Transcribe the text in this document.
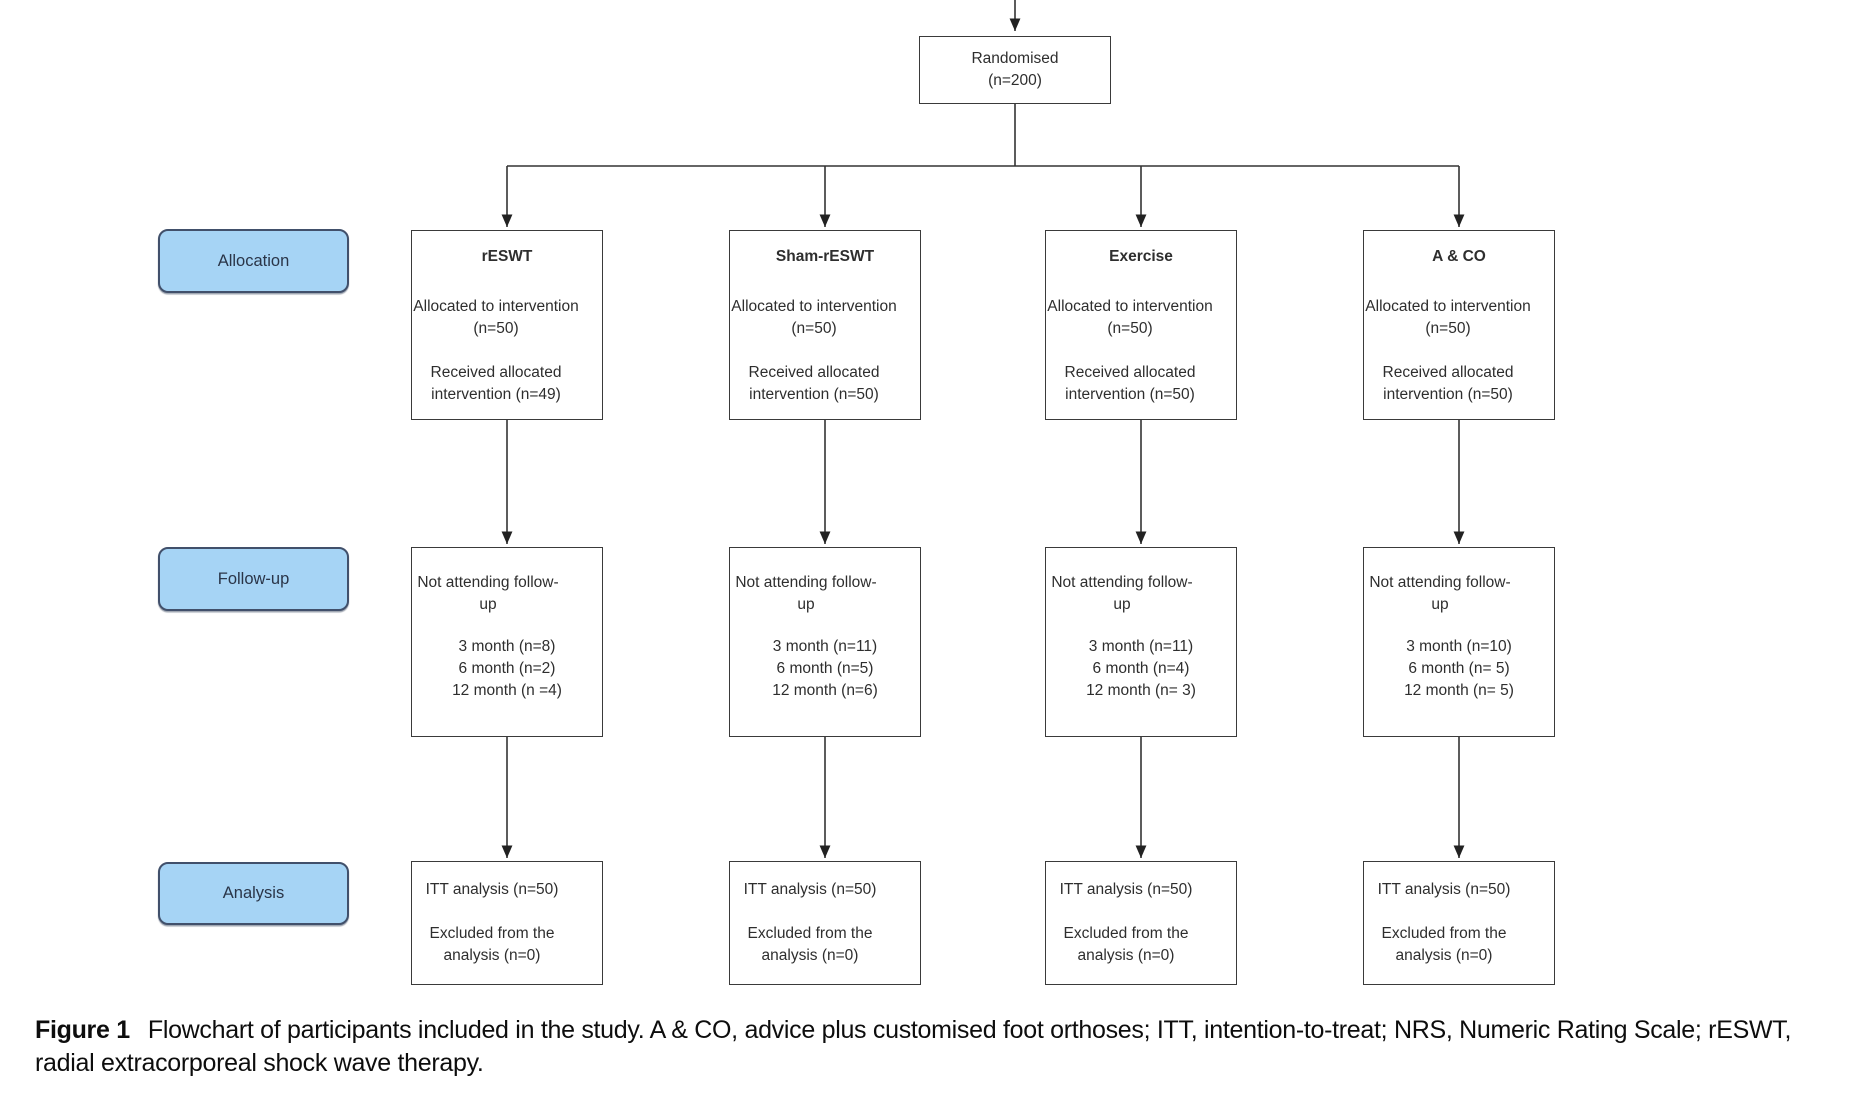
Randomised

(n=200)

Allocation
Follow-up
Analysis
rESWT

Allocated to intervention (n=50)

Received allocated intervention (n=49)

Sham-rESWT

Allocated to intervention (n=50)

Received allocated intervention (n=50)

Exercise

Allocated to intervention (n=50)

Received allocated intervention (n=50)

A & CO

Allocated to intervention (n=50)

Received allocated intervention (n=50)

Not attending follow-up

3 month (n=8)
6 month (n=2)
12 month (n =4)

Not attending follow-up

3 month (n=11)
6 month (n=5)
12 month (n=6)

Not attending follow-up

3 month (n=11)
6 month (n=4)
12 month (n= 3)

Not attending follow-up

3 month (n=10)
6 month (n= 5)
12 month (n= 5)

ITT analysis (n=50)

Excluded from the analysis (n=0)

ITT analysis (n=50)

Excluded from the analysis (n=0)

ITT analysis (n=50)

Excluded from the analysis (n=0)

ITT analysis (n=50)

Excluded from the analysis (n=0)

Figure 1 Flowchart of participants included in the study. A & CO, advice plus customised foot orthoses; ITT, intention-to-treat; NRS, Numeric Rating Scale; rESWT, radial extracorporeal shock wave therapy.
